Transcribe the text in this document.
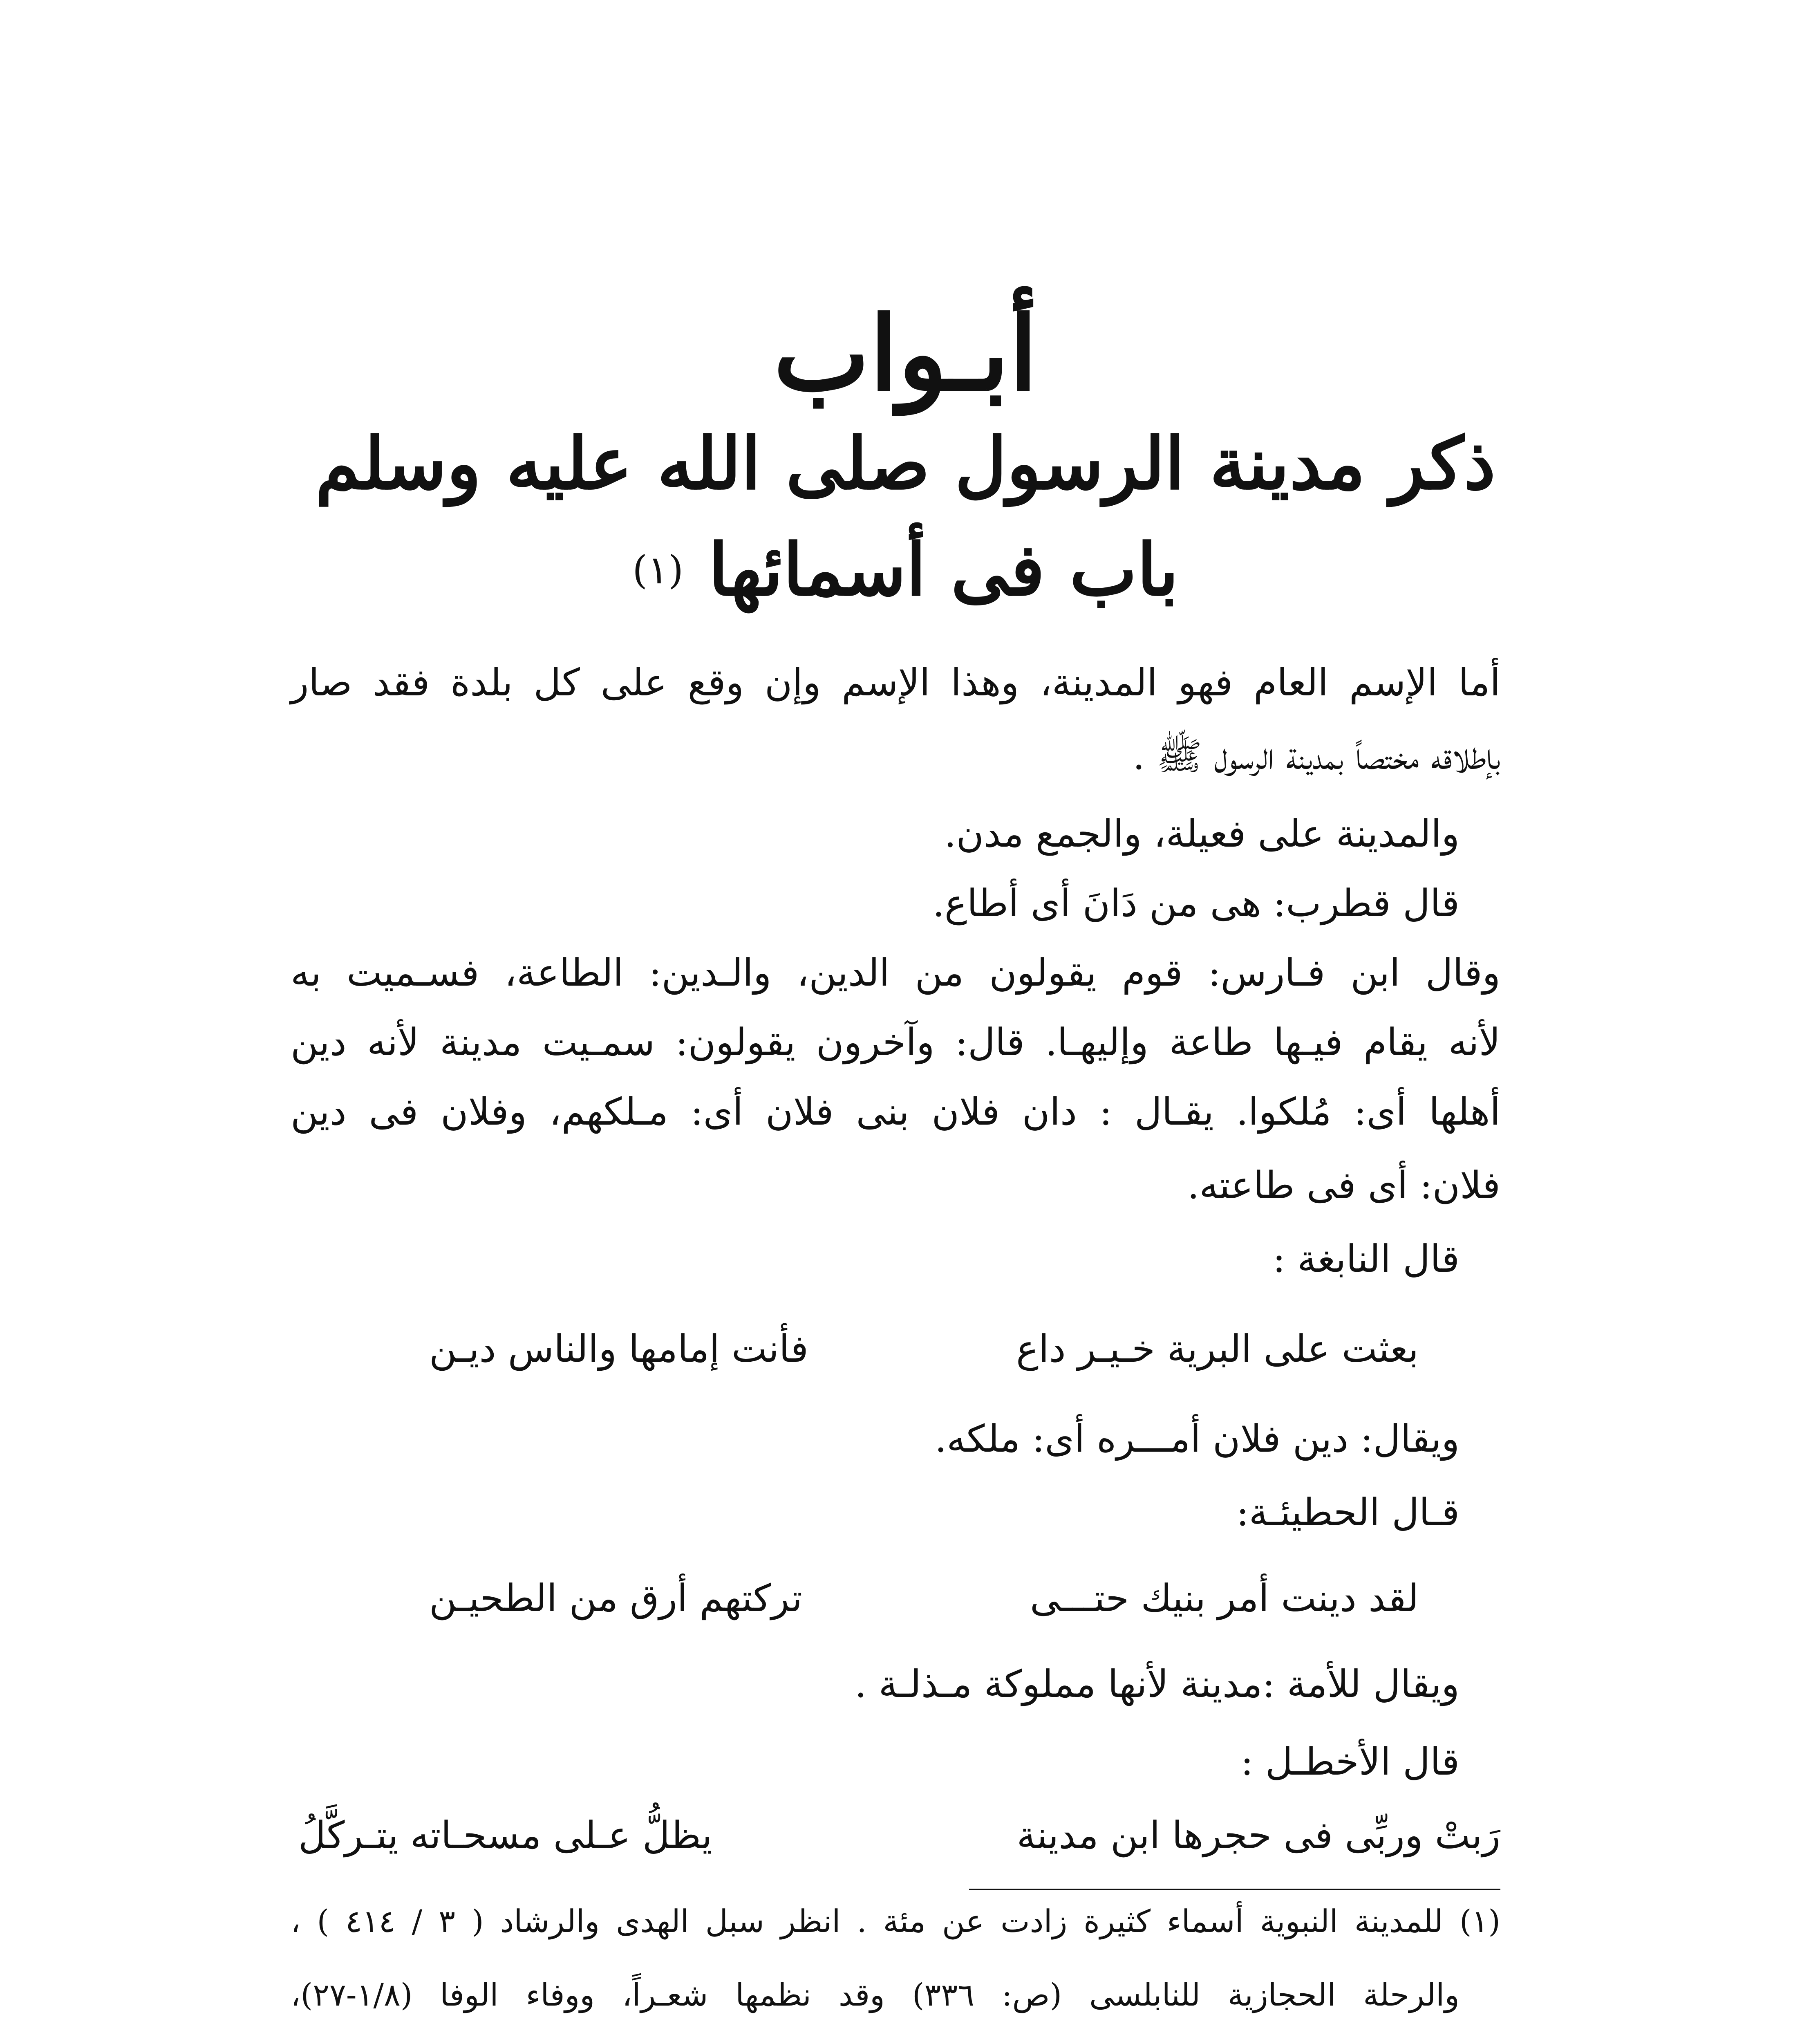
أبـواب
ذكر مدينة الرسول صلى الله عليه وسلم
باب فى أسمائها $^{(١)}$
أما الإسم العام فهو المدينة، وهذا الإسم وإن وقع على كل بلدة فقد صار
بإطلاقه مختصاً بمدينة الرسول ﷺ .
والمدينة على فعيلة، والجمع مدن.
قال قطرب: هى من دَانَ أى أطاع.
وقال ابن فـارس: قوم يقولون من الدين، والـدين: الطاعة، فسـميت به
لأنه يقام فيـها طاعة وإليهـا. قال: وآخرون يقولون: سمـيت مدينة لأنه دين
أهلها أى: مُلكوا. يقـال : دان فلان بنى فلان أى: مـلكهم، وفلان فى دين
فلان: أى فى طاعته.
قال النابغة :
بعثت على البرية خـيـر داع
فأنت إمامها والناس ديـن
ويقال: دين فلان أمـــره أى: ملكه.
قـال الحطيئـة:
لقد دينت أمر بنيك حتـــى
تركتهم أرق من الطحيـن
ويقال للأمة :مدينة لأنها مملوكة مـذلـة .
قال الأخطـل :
رَبتْ وربِّى فى حجرها ابن مدينة
يظلُّ عـلى مسحـاته يتـركَّلُ
(١) للمدينة النبوية أسماء كثيرة زادت عن مئة . انظر سبل الهدى والرشاد ( ٣ / ٤١٤ ) ،
والرحلة الحجازية للنابلسى (ص: ٣٣٦) وقد نظمها شعـراً، ووفاء الوفا (١/٨-٢٧)،
